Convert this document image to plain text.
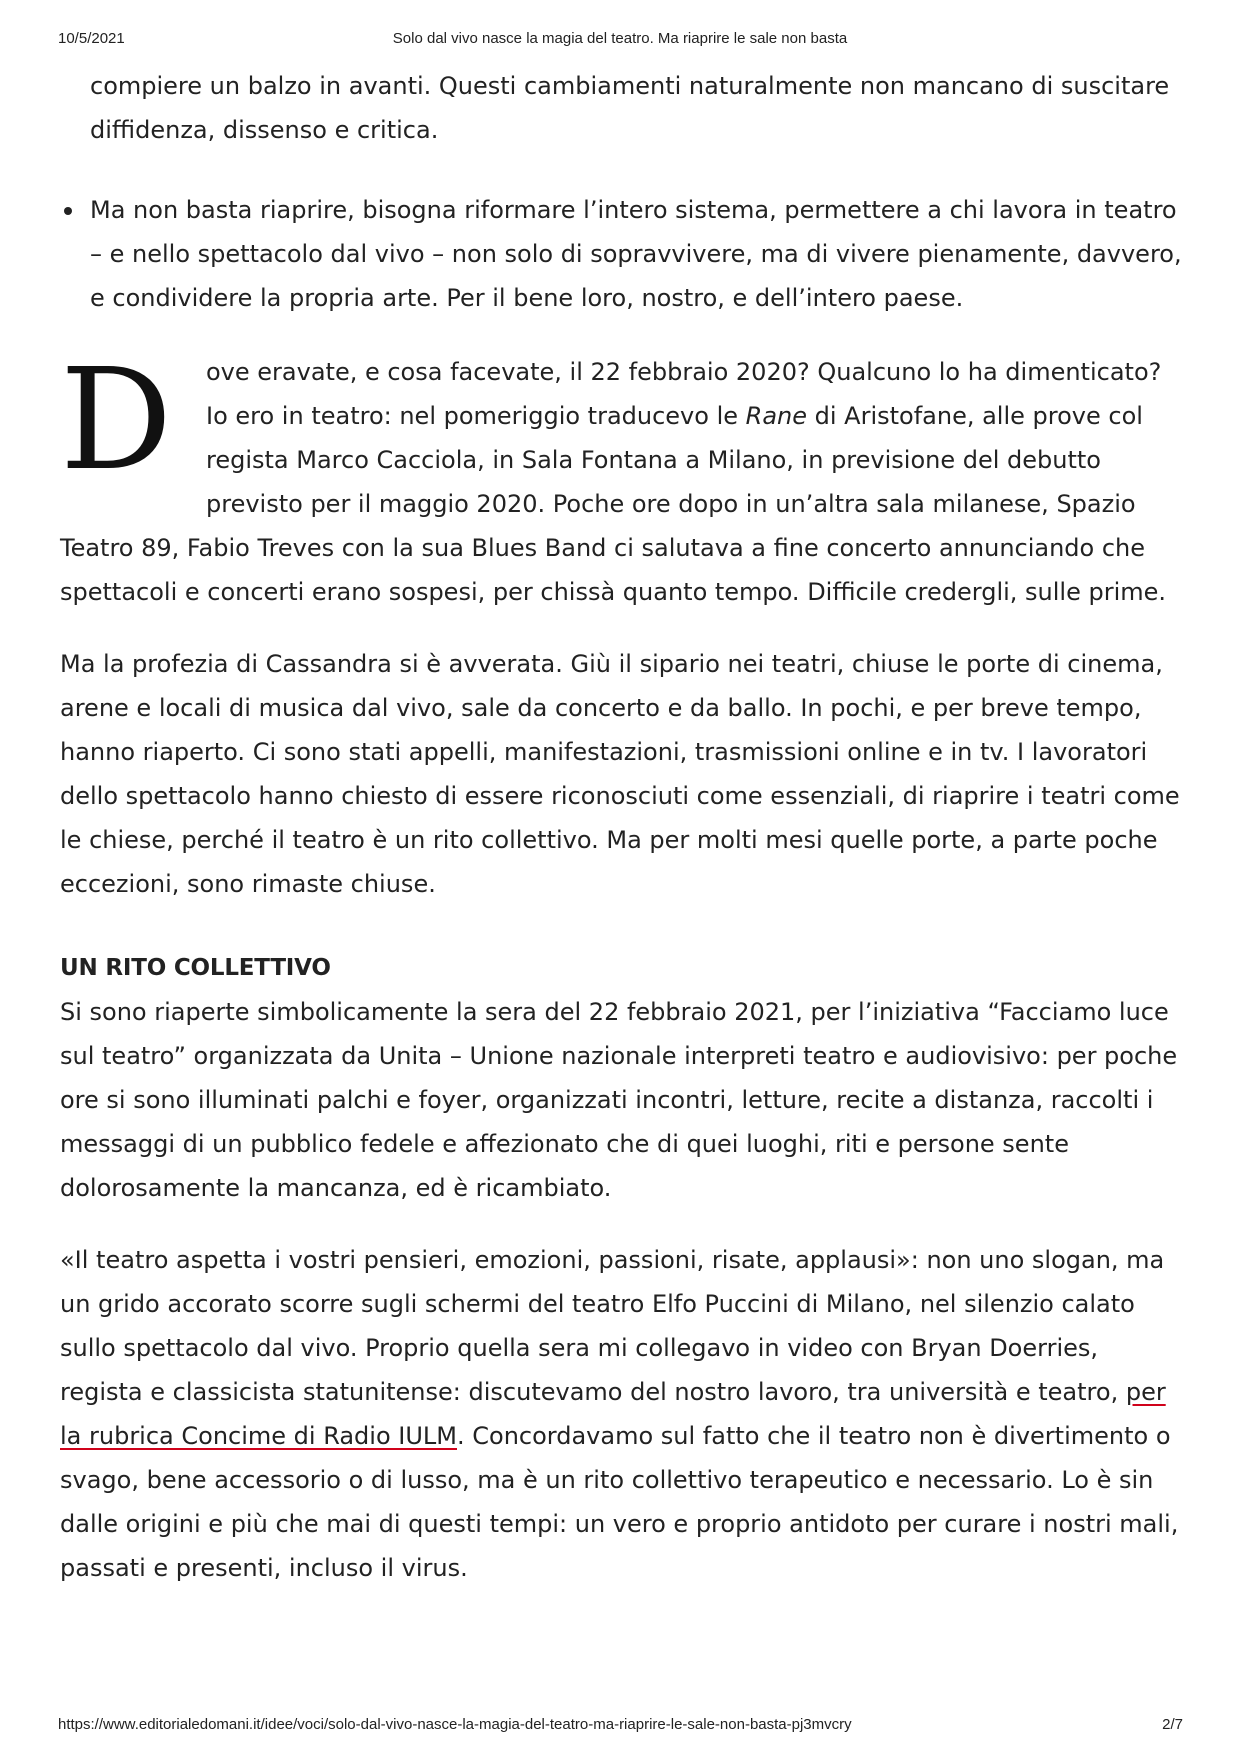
10/5/2021	Solo dal vivo nasce la magia del teatro. Ma riaprire le sale non basta
compiere un balzo in avanti. Questi cambiamenti naturalmente non mancano di suscitare diffidenza, dissenso e critica.
Ma non basta riaprire, bisogna riformare l’intero sistema, permettere a chi lavora in teatro – e nello spettacolo dal vivo – non solo di sopravvivere, ma di vivere pienamente, davvero, e condividere la propria arte. Per il bene loro, nostro, e dell’intero paese.

D	ove eravate, e cosa facevate, il 22 febbraio 2020? Qualcuno lo ha dimenticato? Io ero in teatro: nel pomeriggio traducevo le Rane di Aristofane, alle prove col regista Marco Cacciola, in Sala Fontana a Milano, in previsione del debutto previsto per il maggio 2020. Poche ore dopo in un’altra sala milanese, Spazio Teatro 89, Fabio Treves con la sua Blues Band ci salutava a fine concerto annunciando che spettacoli e concerti erano sospesi, per chissà quanto tempo. Difficile credergli, sulle prime.

Ma la profezia di Cassandra si è avverata. Giù il sipario nei teatri, chiuse le porte di cinema, arene e locali di musica dal vivo, sale da concerto e da ballo. In pochi, e per breve tempo, hanno riaperto. Ci sono stati appelli, manifestazioni, trasmissioni online e in tv. I lavoratori dello spettacolo hanno chiesto di essere riconosciuti come essenziali, di riaprire i teatri come le chiese, perché il teatro è un rito collettivo. Ma per molti mesi quelle porte, a parte poche eccezioni, sono rimaste chiuse.

UN RITO COLLETTIVO

Si sono riaperte simbolicamente la sera del 22 febbraio 2021, per l’iniziativa “Facciamo luce sul teatro” organizzata da Unita – Unione nazionale interpreti teatro e audiovisivo: per poche ore si sono illuminati palchi e foyer, organizzati incontri, letture, recite a distanza, raccolti i messaggi di un pubblico fedele e affezionato che di quei luoghi, riti e persone sente dolorosamente la mancanza, ed è ricambiato.

«Il teatro aspetta i vostri pensieri, emozioni, passioni, risate, applausi»: non uno slogan, ma un grido accorato scorre sugli schermi del teatro Elfo Puccini di Milano, nel silenzio calato sullo spettacolo dal vivo. Proprio quella sera mi collegavo in video con Bryan Doerries, regista e classicista statunitense: discutevamo del nostro lavoro, tra università e teatro, per la rubrica Concime di Radio IULM. Concordavamo sul fatto che il teatro non è divertimento o svago, bene accessorio o di lusso, ma è un rito collettivo terapeutico e necessario. Lo è sin dalle origini e più che mai di questi tempi: un vero e proprio antidoto per curare i nostri mali, passati e presenti, incluso il virus.

https://www.editorialedomani.it/idee/voci/solo-dal-vivo-nasce-la-magia-del-teatro-ma-riaprire-le-sale-non-basta-pj3mvcry	2/7
